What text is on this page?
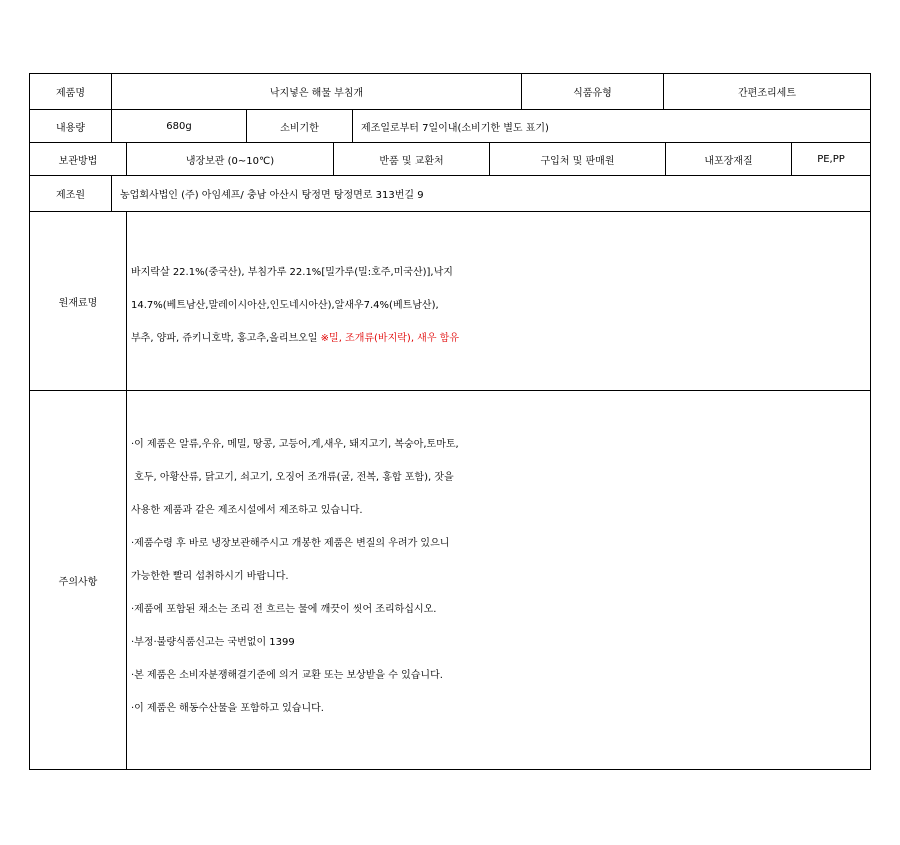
제품명	낙지넣은 해물 부침개	식품유형	간편조리세트
내용량	680g	소비기한	제조일로부터 7일이내(소비기한 별도 표기)
보관방법	냉장보관 (0~10℃)	반품 및 교환처	구입처 및 판매원	내포장재질	PE,PP
제조원	농업회사법인 (주) 아임셰프/ 충남 아산시 탕정면 탕정면로 313번길 9
원재료명

바지락살 22.1%(중국산), 부침가루 22.1%[밀가루(밀:호주,미국산)],낙지

14.7%(베트남산,말레이시아산,인도네시아산),알새우7.4%(베트남산),

부추, 양파, 쥬키니호박, 홍고추,올리브오일 ※밀, 조개류(바지락), 새우 함유

주의사항

·이 제품은 알류,우유, 메밀, 땅콩, 고등어,게,새우, 돼지고기, 복숭아,토마토,

호두, 아황산류, 닭고기, 쇠고기, 오징어 조개류(굴, 전복, 홍합 포함), 잣을

사용한 제품과 같은 제조시설에서 제조하고 있습니다.

·제품수령 후 바로 냉장보관해주시고 개봉한 제품은 변질의 우려가 있으니

가능한한 빨리 섭취하시기 바랍니다.

·제품에 포함된 채소는 조리 전 흐르는 물에 깨끗이 씻어 조리하십시오.

·부정·불량식품신고는 국번없이 1399

·본 제품은 소비자분쟁해결기준에 의거 교환 또는 보상받을 수 있습니다.

·이 제품은 해동수산물을 포함하고 있습니다.
